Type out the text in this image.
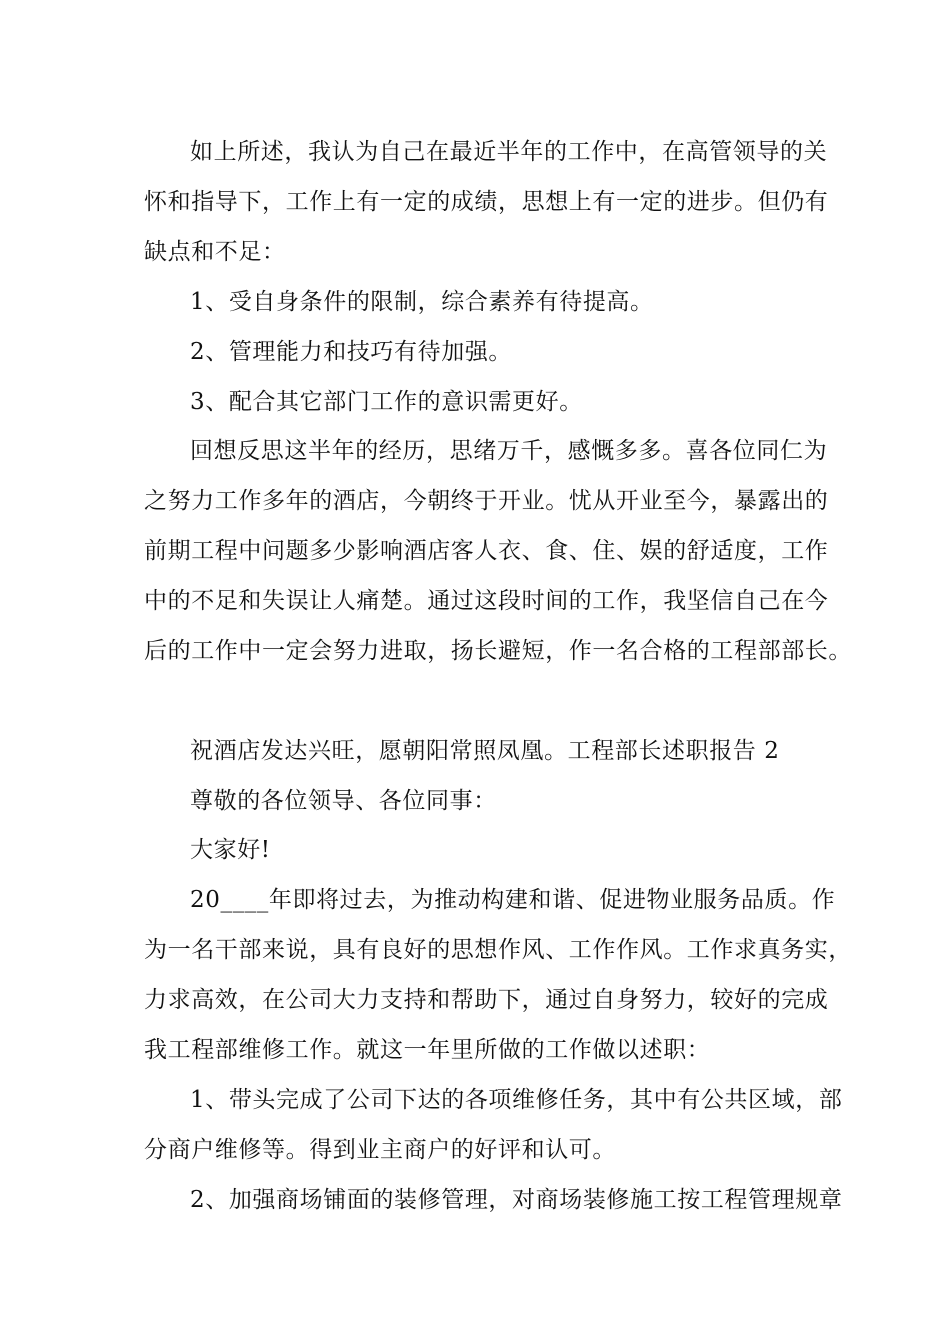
如上所述，我认为自己在最近半年的工作中，在高管领导的关

怀和指导下，工作上有一定的成绩，思想上有一定的进步。但仍有

缺点和不足：

1、受自身条件的限制，综合素养有待提高。

2、管理能力和技巧有待加强。

3、配合其它部门工作的意识需更好。

回想反思这半年的经历，思绪万千，感慨多多。喜各位同仁为

之努力工作多年的酒店，今朝终于开业。忧从开业至今，暴露出的

前期工程中问题多少影响酒店客人衣、食、住、娱的舒适度，工作

中的不足和失误让人痛楚。通过这段时间的工作，我坚信自己在今

后的工作中一定会努力进取，扬长避短，作一名合格的工程部部长。

祝酒店发达兴旺，愿朝阳常照凤凰。工程部长述职报告 2

尊敬的各位领导、各位同事：

大家好!

20____年即将过去，为推动构建和谐、促进物业服务品质。作

为一名干部来说，具有良好的思想作风、工作作风。工作求真务实，

力求高效，在公司大力支持和帮助下，通过自身努力，较好的完成

我工程部维修工作。就这一年里所做的工作做以述职：

1、带头完成了公司下达的各项维修任务，其中有公共区域，部

分商户维修等。得到业主商户的好评和认可。

2、加强商场铺面的装修管理，对商场装修施工按工程管理规章
